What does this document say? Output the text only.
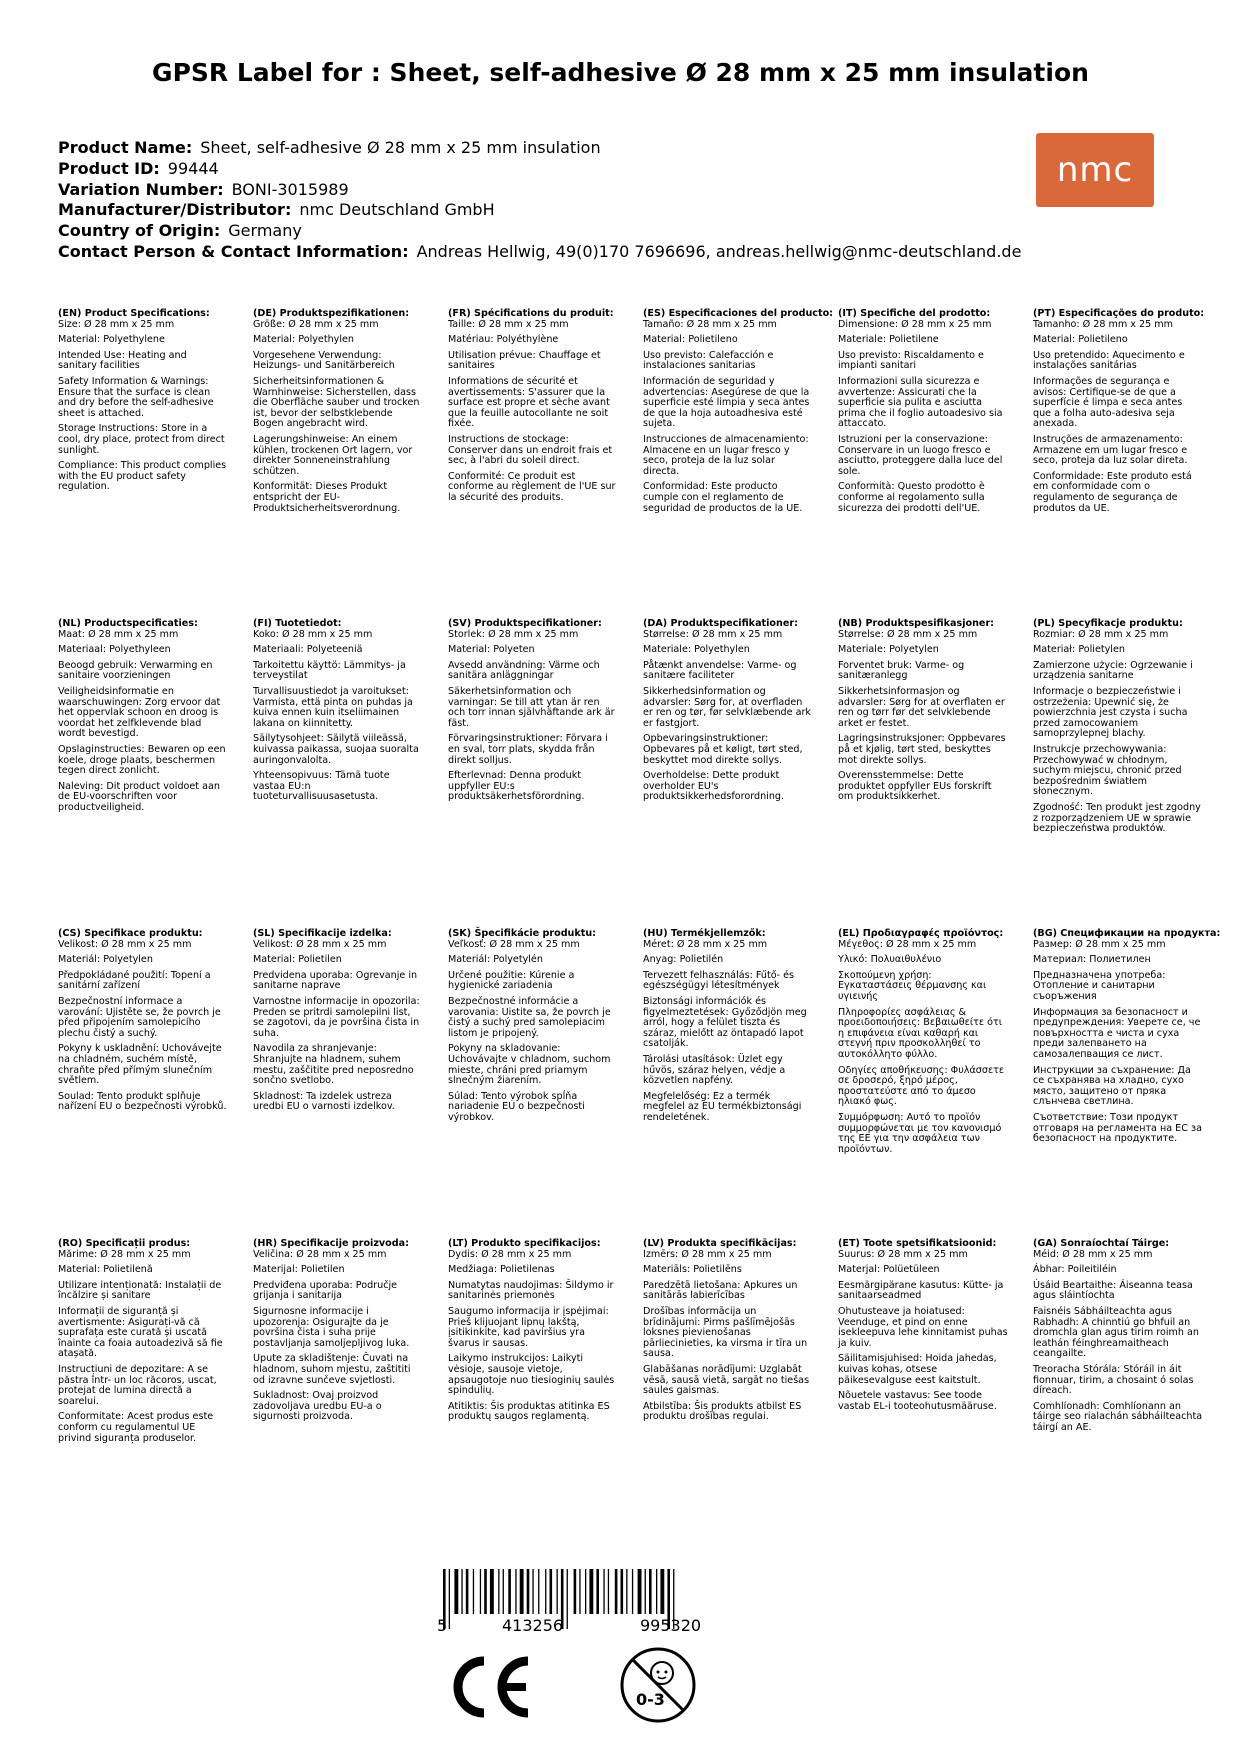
GPSR Label for : Sheet, self-adhesive Ø 28 mm x 25 mm insulation
Product Name: Sheet, self-adhesive Ø 28 mm x 25 mm insulation
Product ID: 99444
Variation Number: BONI-3015989
Manufacturer/Distributor: nmc Deutschland GmbH
Country of Origin: Germany
Contact Person & Contact Information: Andreas Hellwig, 49(0)170 7696696, andreas.hellwig@nmc-deutschland.de
nmc
(EN) Product Specifications:

Size: Ø 28 mm x 25 mm

Material: Polyethylene

Intended Use: Heating and sanitary facilities

Safety Information & Warnings: Ensure that the surface is clean and dry before the self-adhesive sheet is attached.

Storage Instructions: Store in a cool, dry place, protect from direct sunlight.

Compliance: This product complies with the EU product safety regulation.

(DE) Produktspezifikationen:

Größe: Ø 28 mm x 25 mm

Material: Polyethylen

Vorgesehene Verwendung: Heizungs- und Sanitärbereich

Sicherheitsinformationen & Warnhinweise: Sicherstellen, dass die Oberfläche sauber und trocken ist, bevor der selbstklebende Bogen angebracht wird.

Lagerungshinweise: An einem kühlen, trockenen Ort lagern, vor direkter Sonneneinstrahlung schützen.

Konformität: Dieses Produkt entspricht der EU-Produktsicherheitsverordnung.

(FR) Spécifications du produit:

Taille: Ø 28 mm x 25 mm

Matériau: Polyéthylène

Utilisation prévue: Chauffage et sanitaires

Informations de sécurité et avertissements: S'assurer que la surface est propre et sèche avant que la feuille autocollante ne soit fixée.

Instructions de stockage: Conserver dans un endroit frais et sec, à l'abri du soleil direct.

Conformité: Ce produit est conforme au règlement de l'UE sur la sécurité des produits.

(ES) Especificaciones del producto:

Tamaño: Ø 28 mm x 25 mm

Material: Polietileno

Uso previsto: Calefacción e instalaciones sanitarias

Información de seguridad y advertencias: Asegúrese de que la superficie esté limpia y seca antes de que la hoja autoadhesiva esté sujeta.

Instrucciones de almacenamiento: Almacene en un lugar fresco y seco, proteja de la luz solar directa.

Conformidad: Este producto cumple con el reglamento de seguridad de productos de la UE.

(IT) Specifiche del prodotto:

Dimensione: Ø 28 mm x 25 mm

Materiale: Polietilene

Uso previsto: Riscaldamento e impianti sanitari

Informazioni sulla sicurezza e avvertenze: Assicurati che la superficie sia pulita e asciutta prima che il foglio autoadesivo sia attaccato.

Istruzioni per la conservazione: Conservare in un luogo fresco e asciutto, proteggere dalla luce del sole.

Conformità: Questo prodotto è conforme al regolamento sulla sicurezza dei prodotti dell'UE.

(PT) Especificações do produto:

Tamanho: Ø 28 mm x 25 mm

Material: Polietileno

Uso pretendido: Aquecimento e instalações sanitárias

Informações de segurança e avisos: Certifique-se de que a superfície é limpa e seca antes que a folha auto-adesiva seja anexada.

Instruções de armazenamento: Armazene em um lugar fresco e seco, proteja da luz solar direta.

Conformidade: Este produto está em conformidade com o regulamento de segurança de produtos da UE.

(NL) Productspecificaties:

Maat: Ø 28 mm x 25 mm

Materiaal: Polyethyleen

Beoogd gebruik: Verwarming en sanitaire voorzieningen

Veiligheidsinformatie en waarschuwingen: Zorg ervoor dat het oppervlak schoon en droog is voordat het zelfklevende blad wordt bevestigd.

Opslaginstructies: Bewaren op een koele, droge plaats, beschermen tegen direct zonlicht.

Naleving: Dit product voldoet aan de EU-voorschriften voor productveiligheid.

(FI) Tuotetiedot:

Koko: Ø 28 mm x 25 mm

Materiaali: Polyeteeniä

Tarkoitettu käyttö: Lämmitys- ja terveystilat

Turvallisuustiedot ja varoitukset: Varmista, että pinta on puhdas ja kuiva ennen kuin itseliimainen lakana on kiinnitetty.

Säilytysohjeet: Säilytä viileässä, kuivassa paikassa, suojaa suoralta auringonvalolta.

Yhteensopivuus: Tämä tuote vastaa EU:n tuoteturvallisuusasetusta.

(SV) Produktspecifikationer:

Storlek: Ø 28 mm x 25 mm

Material: Polyeten

Avsedd användning: Värme och sanitära anläggningar

Säkerhetsinformation och varningar: Se till att ytan är ren och torr innan självhäftande ark är fäst.

Förvaringsinstruktioner: Förvara i en sval, torr plats, skydda från direkt solljus.

Efterlevnad: Denna produkt uppfyller EU:s produktsäkerhetsförordning.

(DA) Produktspecifikationer:

Størrelse: Ø 28 mm x 25 mm

Materiale: Polyethylen

Påtænkt anvendelse: Varme- og sanitære faciliteter

Sikkerhedsinformation og advarsler: Sørg for, at overfladen er ren og tør, før selvklæbende ark er fastgjort.

Opbevaringsinstruktioner: Opbevares på et køligt, tørt sted, beskyttet mod direkte sollys.

Overholdelse: Dette produkt overholder EU's produktsikkerhedsforordning.

(NB) Produktspesifikasjoner:

Størrelse: Ø 28 mm x 25 mm

Materiale: Polyetylen

Forventet bruk: Varme- og sanitæranlegg

Sikkerhetsinformasjon og advarsler: Sørg for at overflaten er ren og tørr før det selvklebende arket er festet.

Lagringsinstruksjoner: Oppbevares på et kjølig, tørt sted, beskyttes mot direkte sollys.

Overensstemmelse: Dette produktet oppfyller EUs forskrift om produktsikkerhet.

(PL) Specyfikacje produktu:

Rozmiar: Ø 28 mm x 25 mm

Materiał: Polietylen

Zamierzone użycie: Ogrzewanie i urządzenia sanitarne

Informacje o bezpieczeństwie i ostrzeżenia: Upewnić się, że powierzchnia jest czysta i sucha przed zamocowaniem samoprzylepnej blachy.

Instrukcje przechowywania: Przechowywać w chłodnym, suchym miejscu, chronić przed bezpośrednim światłem słonecznym.

Zgodność: Ten produkt jest zgodny z rozporządzeniem UE w sprawie bezpieczeństwa produktów.

(CS) Specifikace produktu:

Velikost: Ø 28 mm x 25 mm

Materiál: Polyetylen

Předpokládané použití: Topení a sanitární zařízení

Bezpečnostní informace a varování: Ujistěte se, že povrch je před připojením samolepicího plechu čistý a suchý.

Pokyny k uskladnění: Uchovávejte na chladném, suchém místě, chraňte před přímým slunečním světlem.

Soulad: Tento produkt splňuje nařízení EU o bezpečnosti výrobků.

(SL) Specifikacije izdelka:

Velikost: Ø 28 mm x 25 mm

Material: Polietilen

Predvidena uporaba: Ogrevanje in sanitarne naprave

Varnostne informacije in opozorila: Preden se pritrdi samolepilni list, se zagotovi, da je površina čista in suha.

Navodila za shranjevanje: Shranjujte na hladnem, suhem mestu, zaščitite pred neposredno sončno svetlobo.

Skladnost: Ta izdelek ustreza uredbi EU o varnosti izdelkov.

(SK) Špecifikácie produktu:

Veľkosť: Ø 28 mm x 25 mm

Materiál: Polyetylén

Určené použitie: Kúrenie a hygienické zariadenia

Bezpečnostné informácie a varovania: Uistite sa, že povrch je čistý a suchý pred samolepiacim listom je pripojený.

Pokyny na skladovanie: Uchovávajte v chladnom, suchom mieste, chráni pred priamym slnečným žiarením.

Súlad: Tento výrobok spĺňa nariadenie EÚ o bezpečnosti výrobkov.

(HU) Termékjellemzők:

Méret: Ø 28 mm x 25 mm

Anyag: Polietilén

Tervezett felhasználás: Fűtő- és egészségügyi létesítmények

Biztonsági információk és figyelmeztetések: Győződjön meg arról, hogy a felület tiszta és száraz, mielőtt az öntapadó lapot csatolják.

Tárolási utasítások: Üzlet egy hűvös, száraz helyen, védje a közvetlen napfény.

Megfelelőség: Ez a termék megfelel az EU termékbiztonsági rendeletének.

(EL) Προδιαγραφές προϊόντος:

Μέγεθος: Ø 28 mm x 25 mm

Υλικό: Πολυαιθυλένιο

Σκοπούμενη χρήση: Εγκαταστάσεις θέρμανσης και υγιεινής

Πληροφορίες ασφάλειας & προειδοποιήσεις: Βεβαιωθείτε ότι η επιφάνεια είναι καθαρή και στεγνή πριν προσκολληθεί το αυτοκόλλητο φύλλο.

Οδηγίες αποθήκευσης: Φυλάσσετε σε δροσερό, ξηρό μέρος, προστατεύστε από το άμεσο ηλιακό φως.

Συμμόρφωση: Αυτό το προϊόν συμμορφώνεται με τον κανονισμό της ΕΕ για την ασφάλεια των προϊόντων.

(BG) Спецификации на продукта:

Размер: Ø 28 mm x 25 mm

Материал: Полиетилен

Предназначена употреба: Отопление и санитарни съоръжения

Информация за безопасност и предупреждения: Уверете се, че повърхността е чиста и суха преди залепването на самозалепващия се лист.

Инструкции за съхранение: Да се съхранява на хладно, сухо място, защитено от пряка слънчева светлина.

Съответствие: Този продукт отговаря на регламента на ЕС за безопасност на продуктите.

(RO) Specificații produs:

Mărime: Ø 28 mm x 25 mm

Material: Polietilenă

Utilizare intenționată: Instalații de încălzire și sanitare

Informații de siguranță și avertismente: Asigurați-vă că suprafața este curată și uscată înainte ca foaia autoadezivă să fie atașată.

Instrucțiuni de depozitare: A se păstra într- un loc răcoros, uscat, protejat de lumina directă a soarelui.

Conformitate: Acest produs este conform cu regulamentul UE privind siguranța produselor.

(HR) Specifikacije proizvoda:

Veličina: Ø 28 mm x 25 mm

Materijal: Polietilen

Predviđena uporaba: Područje grijanja i sanitarija

Sigurnosne informacije i upozorenja: Osigurajte da je površina čista i suha prije postavljanja samoljepljivog luka.

Upute za skladištenje: Čuvati na hladnom, suhom mjestu, zaštititi od izravne sunčeve svjetlosti.

Sukladnost: Ovaj proizvod zadovoljava uredbu EU-a o sigurnosti proizvoda.

(LT) Produkto specifikacijos:

Dydis: Ø 28 mm x 25 mm

Medžiaga: Polietilenas

Numatytas naudojimas: Šildymo ir sanitarinės priemonės

Saugumo informacija ir įspėjimai: Prieš klijuojant lipnų lakštą, įsitikinkite, kad paviršius yra švarus ir sausas.

Laikymo instrukcijos: Laikyti vėsioje, sausoje vietoje, apsaugotoje nuo tiesioginių saulės spindulių.

Atitiktis: Šis produktas atitinka ES produktų saugos reglamentą.

(LV) Produkta specifikācijas:

Izmērs: Ø 28 mm x 25 mm

Materiāls: Polietilēns

Paredzētā lietošana: Apkures un sanitārās labierīcības

Drošības informācija un brīdinājumi: Pirms pašlīmējošās loksnes pievienošanas pārliecinieties, ka virsma ir tīra un sausa.

Glabāšanas norādījumi: Uzglabāt vēsā, sausā vietā, sargāt no tiešas saules gaismas.

Atbilstība: Šis produkts atbilst ES produktu drošības regulai.

(ET) Toote spetsifikatsioonid:

Suurus: Ø 28 mm x 25 mm

Materjal: Polüetüleen

Eesmärgipärane kasutus: Kütte- ja sanitaarseadmed

Ohutusteave ja hoiatused: Veenduge, et pind on enne isekleepuva lehe kinnitamist puhas ja kuiv.

Säilitamisjuhised: Hoida jahedas, kuivas kohas, otsese päikesevalguse eest kaitstult.

Nõuetele vastavus: See toode vastab EL-i tooteohutusmääruse.

(GA) Sonraíochtaí Táirge:

Méid: Ø 28 mm x 25 mm

Ábhar: Poileitiléin

Úsáid Beartaithe: Áiseanna teasa agus sláintíochta

Faisnéis Sábháilteachta agus Rabhadh: A chinntiú go bhfuil an dromchla glan agus tirim roimh an leathán féinghreamaitheach ceangailte.

Treoracha Stórála: Stóráil in áit fionnuar, tirim, a chosaint ó solas díreach.

Comhlíonadh: Comhlíonann an táirge seo rialachán sábháilteachta táirgí an AE.

5	413256	995320
0-3
